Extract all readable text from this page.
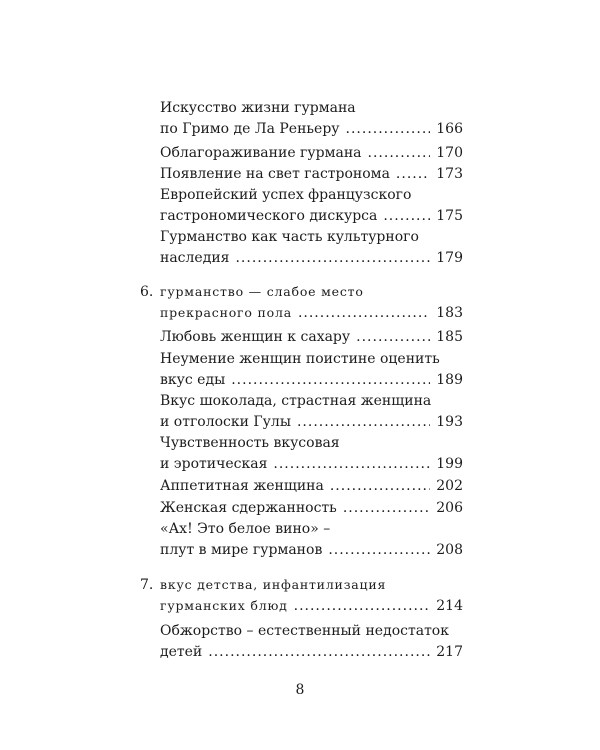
Искусство жизни гурмана
по Гримо де Ла Реньеру .....	166
Облагораживание гурмана .....	170
Появление на свет гастронома .....	173
Европейский успех французского
гастрономического дискурса .....	175
Гурманство как часть культурного
наследия .....	179
6. гурманство — слабое место
прекрасного пола .....	183
Любовь женщин к сахару .....	185
Неумение женщин поистине оценить
вкус еды .....	189
Вкус шоколада, страстная женщина
и отголоски Гулы .....	193
Чувственность вкусовая
и эротическая .....	199
Аппетитная женщина .....	202
Женская сдержанность .....	206
«Ах! Это белое вино» –
плут в мире гурманов .....	208
7. вкус детства, инфантилизация
гурманских блюд .....	214
Обжорство – естественный недостаток
детей .....	217
8
